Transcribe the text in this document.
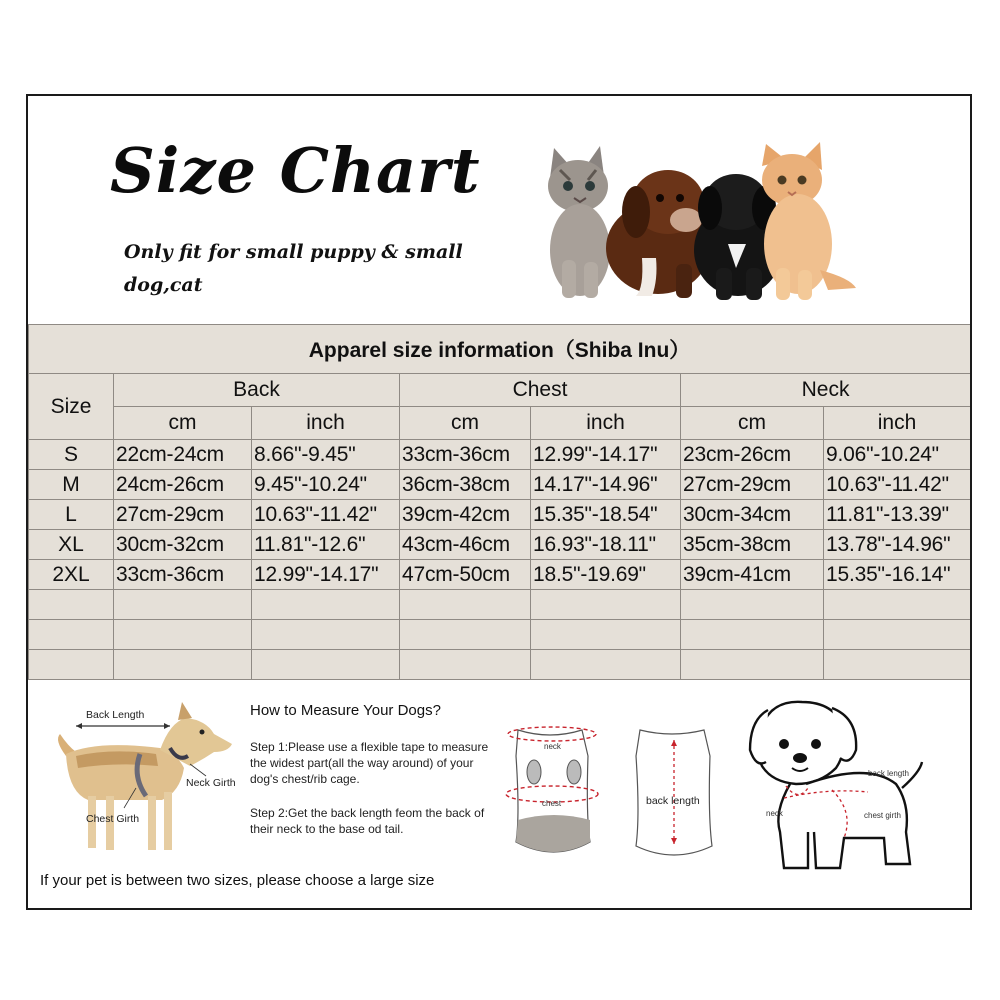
Size Chart
Only fit for small puppy & small dog,cat
Apparel size information（Shiba Inu）						
Size	Back		Chest		Neck	
	cm	inch	cm	inch	cm	inch
S	22cm-24cm	8.66"-9.45"	33cm-36cm	12.99"-14.17"	23cm-26cm	9.06"-10.24"
M	24cm-26cm	9.45"-10.24"	36cm-38cm	14.17"-14.96"	27cm-29cm	10.63"-11.42"
L	27cm-29cm	10.63"-11.42"	39cm-42cm	15.35"-18.54"	30cm-34cm	11.81"-13.39"
XL	30cm-32cm	11.81"-12.6"	43cm-46cm	16.93"-18.11"	35cm-38cm	13.78"-14.96"
2XL	33cm-36cm	12.99"-14.17"	47cm-50cm	18.5"-19.69"	39cm-41cm	15.35"-16.14"

Back Length
Neck Girth
Chest Girth
How to Measure Your Dogs?
Step 1:Please use a flexible tape to measure the widest part(all the way around) of your dog's chest/rib cage.
Step 2:Get the back length feom the back of their neck to the base od tail.
neck
chest	back length
back length
chest girth
neck
If your pet is between two sizes, please choose a large size
